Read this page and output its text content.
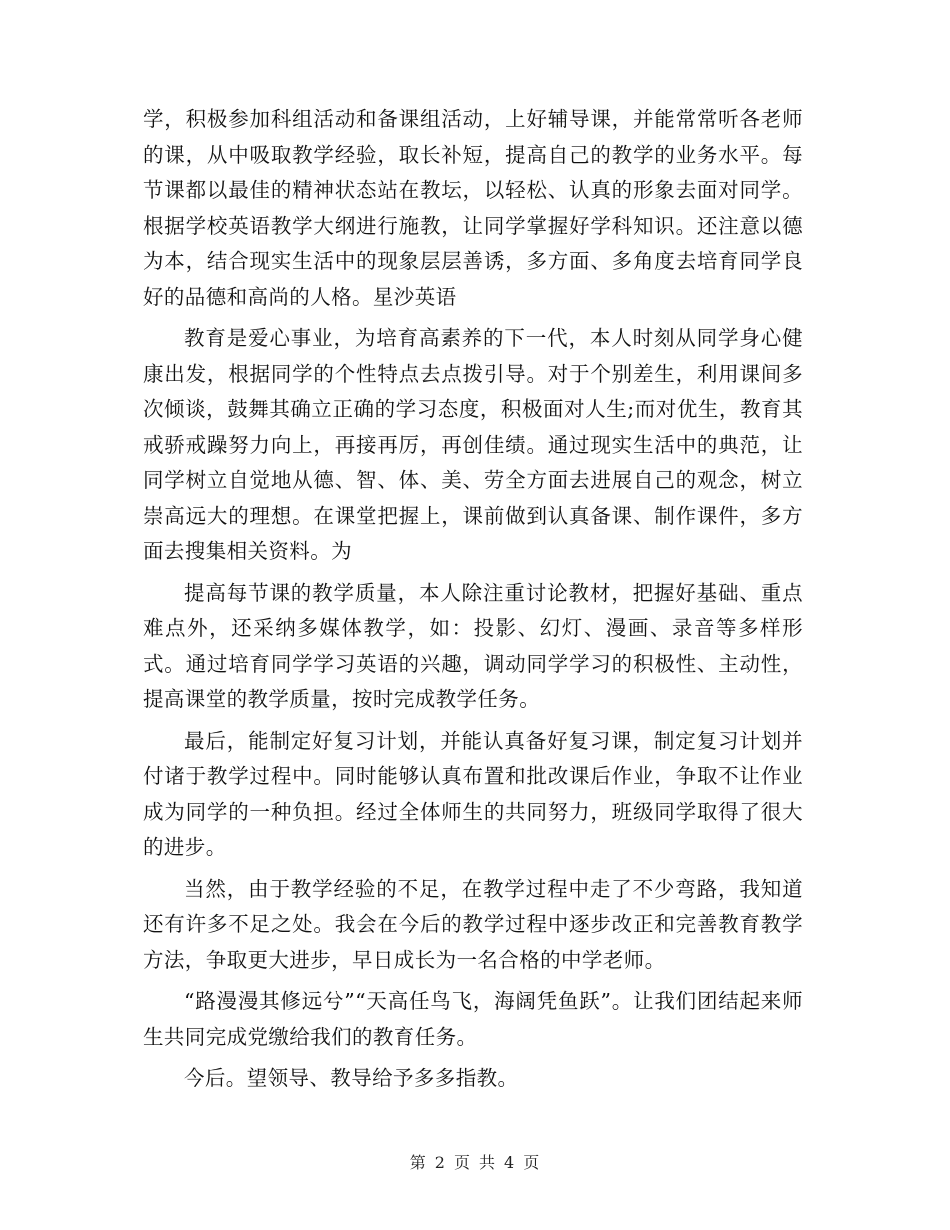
学，积极参加科组活动和备课组活动，上好辅导课，并能常常听各老师的课，从中吸取教学经验，取长补短，提高自己的教学的业务水平。每节课都以最佳的精神状态站在教坛，以轻松、认真的形象去面对同学。根据学校英语教学大纲进行施教，让同学掌握好学科知识。还注意以德为本，结合现实生活中的现象层层善诱，多方面、多角度去培育同学良好的品德和高尚的人格。星沙英语

教育是爱心事业，为培育高素养的下一代，本人时刻从同学身心健康出发，根据同学的个性特点去点拨引导。对于个别差生，利用课间多次倾谈，鼓舞其确立正确的学习态度，积极面对人生;而对优生，教育其戒骄戒躁努力向上，再接再厉，再创佳绩。通过现实生活中的典范，让同学树立自觉地从德、智、体、美、劳全方面去进展自己的观念，树立崇高远大的理想。在课堂把握上，课前做到认真备课、制作课件，多方面去搜集相关资料。为

提高每节课的教学质量，本人除注重讨论教材，把握好基础、重点难点外，还采纳多媒体教学，如：投影、幻灯、漫画、录音等多样形式。通过培育同学学习英语的兴趣，调动同学学习的积极性、主动性，提高课堂的教学质量，按时完成教学任务。

最后，能制定好复习计划，并能认真备好复习课，制定复习计划并付诸于教学过程中。同时能够认真布置和批改课后作业，争取不让作业成为同学的一种负担。经过全体师生的共同努力，班级同学取得了很大的进步。

当然，由于教学经验的不足，在教学过程中走了不少弯路，我知道还有许多不足之处。我会在今后的教学过程中逐步改正和完善教育教学方法，争取更大进步，早日成长为一名合格的中学老师。

“路漫漫其修远兮”“天高任鸟飞，海阔凭鱼跃”。让我们团结起来师生共同完成党缴给我们的教育任务。

今后。望领导、教导给予多多指教。

第 2 页 共 4 页
